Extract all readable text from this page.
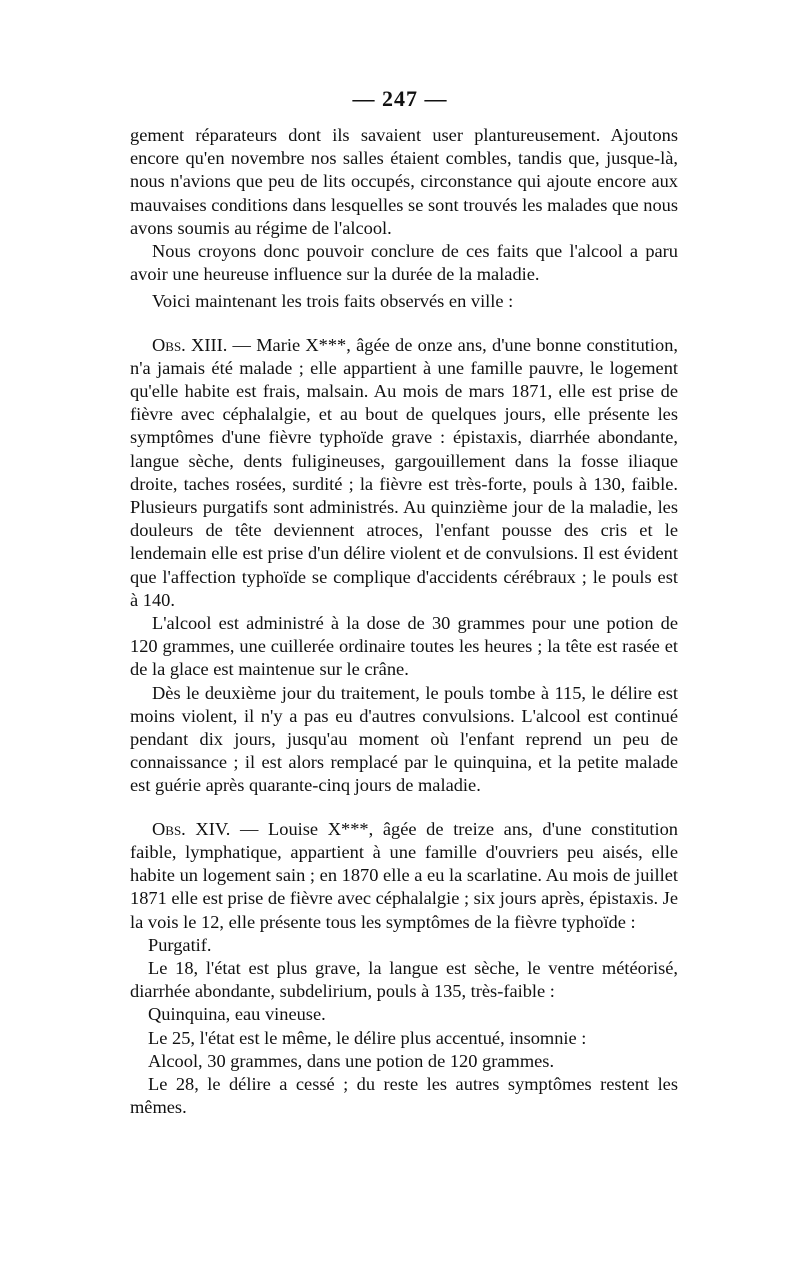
— 247 —

gement réparateurs dont ils savaient user plantureusement. Ajoutons encore qu'en novembre nos salles étaient combles, tandis que, jusque-là, nous n'avions que peu de lits occupés, circonstance qui ajoute encore aux mauvaises conditions dans lesquelles se sont trouvés les malades que nous avons soumis au régime de l'alcool.

Nous croyons donc pouvoir conclure de ces faits que l'alcool a paru avoir une heureuse influence sur la durée de la maladie.

Voici maintenant les trois faits observés en ville :

Obs. XIII. — Marie X***, âgée de onze ans, d'une bonne constitution, n'a jamais été malade ; elle appartient à une famille pauvre, le logement qu'elle habite est frais, malsain. Au mois de mars 1871, elle est prise de fièvre avec céphalalgie, et au bout de quelques jours, elle présente les symptômes d'une fièvre typhoïde grave : épistaxis, diarrhée abondante, langue sèche, dents fuligineuses, gargouillement dans la fosse iliaque droite, taches rosées, surdité ; la fièvre est très-forte, pouls à 130, faible. Plusieurs purgatifs sont administrés. Au quinzième jour de la maladie, les douleurs de tête deviennent atroces, l'enfant pousse des cris et le lendemain elle est prise d'un délire violent et de convulsions. Il est évident que l'affection typhoïde se complique d'accidents cérébraux ; le pouls est à 140.

L'alcool est administré à la dose de 30 grammes pour une potion de 120 grammes, une cuillerée ordinaire toutes les heures ; la tête est rasée et de la glace est maintenue sur le crâne.

Dès le deuxième jour du traitement, le pouls tombe à 115, le délire est moins violent, il n'y a pas eu d'autres convulsions. L'alcool est continué pendant dix jours, jusqu'au moment où l'enfant reprend un peu de connaissance ; il est alors remplacé par le quinquina, et la petite malade est guérie après quarante-cinq jours de maladie.

Obs. XIV. — Louise X***, âgée de treize ans, d'une constitution faible, lymphatique, appartient à une famille d'ouvriers peu aisés, elle habite un logement sain ; en 1870 elle a eu la scarlatine. Au mois de juillet 1871 elle est prise de fièvre avec céphalalgie ; six jours après, épistaxis. Je la vois le 12, elle présente tous les symptômes de la fièvre typhoïde :

Purgatif.

Le 18, l'état est plus grave, la langue est sèche, le ventre météorisé, diarrhée abondante, subdelirium, pouls à 135, très-faible :

Quinquina, eau vineuse.

Le 25, l'état est le même, le délire plus accentué, insomnie :

Alcool, 30 grammes, dans une potion de 120 grammes.

Le 28, le délire a cessé ; du reste les autres symptômes restent les mêmes.
